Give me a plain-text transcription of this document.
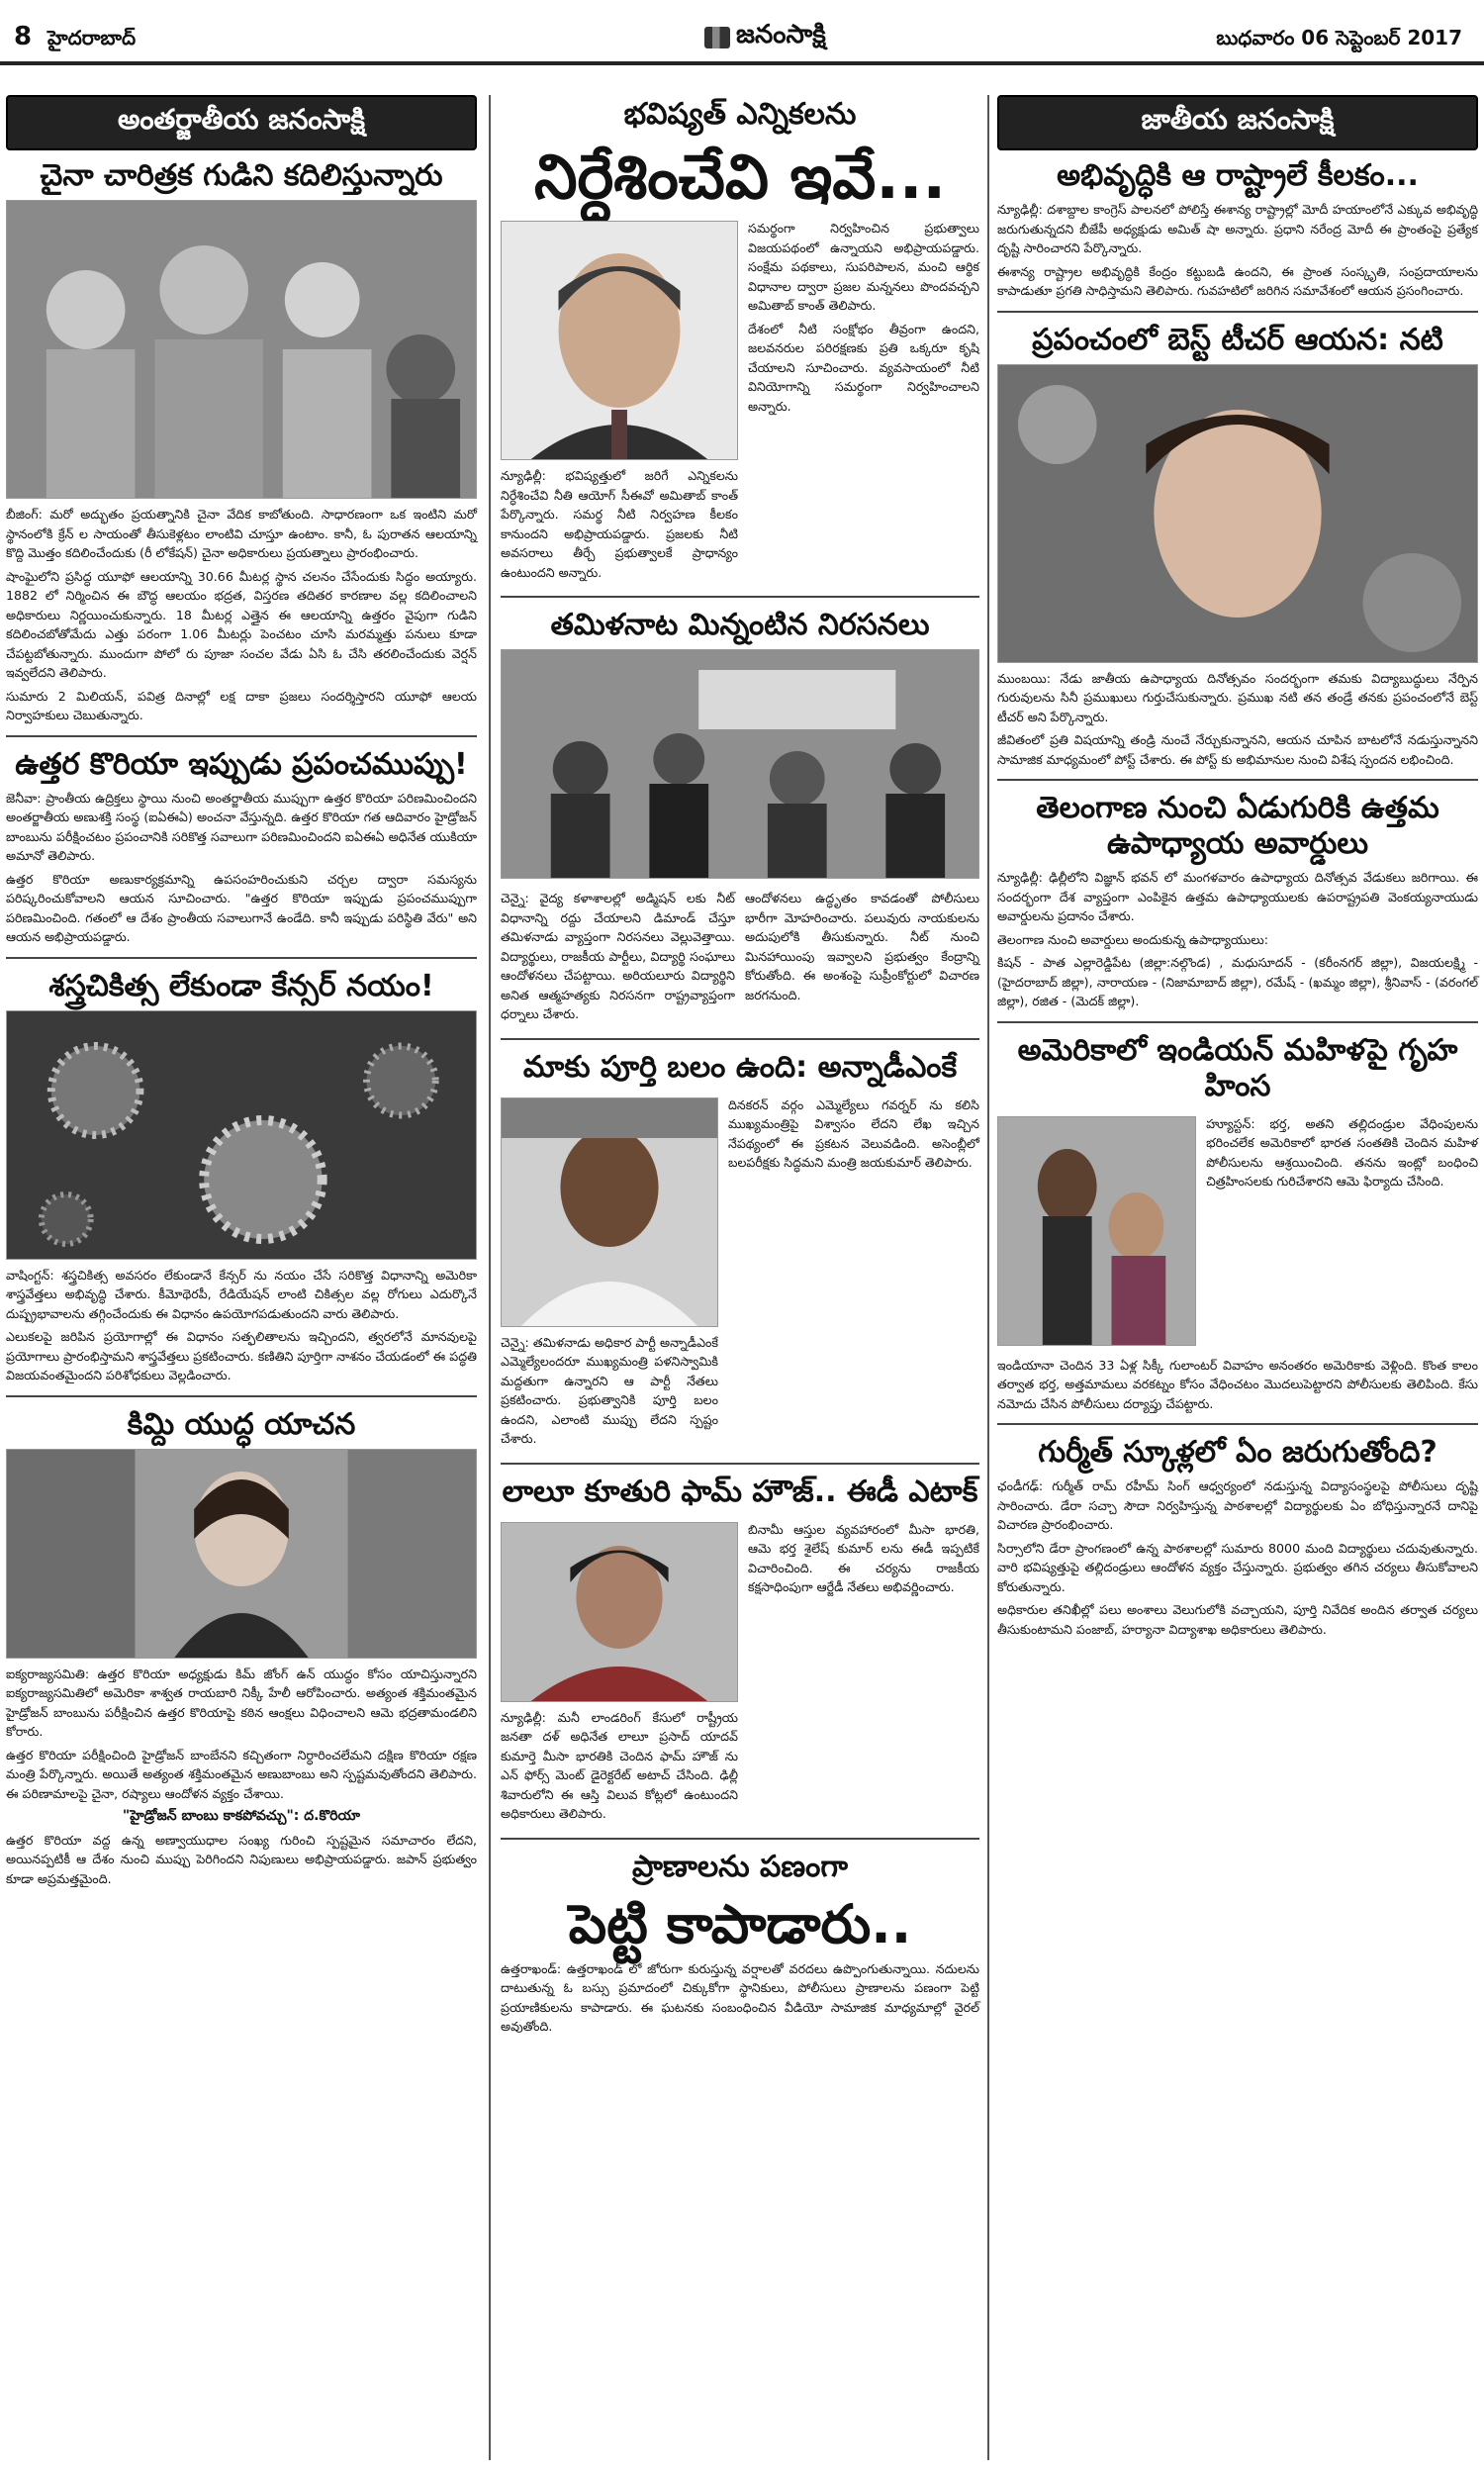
8 హైదరాబాద్	జనంసాక్షి	బుధవారం 06 సెప్టెంబర్ 2017
అంతర్జాతీయ జనంసాక్షి
చైనా చారిత్రక గుడిని కదిలిస్తున్నారు

బీజింగ్: మరో అద్భుతం ప్రయత్నానికి చైనా వేదిక కాబోతుంది. సాధారణంగా ఒక ఇంటిని మరో స్థానంలోకి క్రేన్ ల సాయంతో తీసుకెళ్లటం లాంటివి చూస్తూ ఉంటాం. కానీ, ఓ పురాతన ఆలయాన్ని కొద్ది మొత్తం కదిలించేందుకు (రీ లోకేషన్) చైనా అధికారులు ప్రయత్నాలు ప్రారంభించారు.

షాంఘైలోని ప్రసిద్ధ యూఫో ఆలయాన్ని 30.66 మీటర్ల స్థాన చలనం చేసేందుకు సిద్ధం అయ్యారు. 1882 లో నిర్మించిన ఈ బౌద్ధ ఆలయం భద్రత, విస్తరణ తదితర కారణాల వల్ల కదిలించాలని అధికారులు నిర్ణయించుకున్నారు. 18 మీటర్ల ఎత్తైన ఈ ఆలయాన్ని ఉత్తరం వైపుగా గుడిని కదిలించబోతోమేదు ఎత్తు పరంగా 1.06 మీటర్లు పెంచటం చూసి మరమ్మత్తు పనులు కూడా చేపట్టబోతున్నారు. ముందుగా పోలో రు పూజా సంచల వేడు ఏసి ఓ చేసి తరలించేందుకు వెర్షన్ ఇవ్వలేదని తెలిపారు.

సుమారు 2 మిలియన్, పవిత్ర దినాల్లో లక్ష దాకా ప్రజలు సందర్శిస్తారని యూఫో ఆలయ నిర్వాహకులు చెబుతున్నారు.

ఉత్తర కొరియా ఇప్పుడు ప్రపంచముప్పు!

జెనీవా: ప్రాంతీయ ఉద్రిక్తలు స్థాయి నుంచి అంతర్జాతీయ ముప్పుగా ఉత్తర కొరియా పరిణమించిందని అంతర్జాతీయ అణుశక్తి సంస్థ (ఐఏఈఏ) అంచనా వేస్తున్నది. ఉత్తర కొరియా గత ఆదివారం హైడ్రోజన్ బాంబును పరీక్షించటం ప్రపంచానికి సరికొత్త సవాలుగా పరిణమించిందని ఐఏఈఏ అధినేత యుకియా అమానో తెలిపారు.

ఉత్తర కొరియా అణుకార్యక్రమాన్ని ఉపసంహరించుకుని చర్చల ద్వారా సమస్యను పరిష్కరించుకోవాలని ఆయన సూచించారు. "ఉత్తర కొరియా ఇప్పుడు ప్రపంచముప్పుగా పరిణమించింది. గతంలో ఆ దేశం ప్రాంతీయ సవాలుగానే ఉండేది. కానీ ఇప్పుడు పరిస్థితి వేరు" అని ఆయన అభిప్రాయపడ్డారు.

శస్త్రచికిత్స లేకుండా కేన్సర్ నయం!

వాషింగ్టన్: శస్త్రచికిత్స అవసరం లేకుండానే కేన్సర్ ను నయం చేసే సరికొత్త విధానాన్ని అమెరికా శాస్త్రవేత్తలు అభివృద్ధి చేశారు. కీమోథెరపీ, రేడియేషన్ లాంటి చికిత్సల వల్ల రోగులు ఎదుర్కొనే దుష్ప్రభావాలను తగ్గించేందుకు ఈ విధానం ఉపయోగపడుతుందని వారు తెలిపారు.

ఎలుకలపై జరిపిన ప్రయోగాల్లో ఈ విధానం సత్ఫలితాలను ఇచ్చిందని, త్వరలోనే మానవులపై ప్రయోగాలు ప్రారంభిస్తామని శాస్త్రవేత్తలు ప్రకటించారు. కణితిని పూర్తిగా నాశనం చేయడంలో ఈ పద్ధతి విజయవంతమైందని పరిశోధకులు వెల్లడించారు.

కిమ్ది యుద్ధ యాచన

ఐక్యరాజ్యసమితి: ఉత్తర కొరియా అధ్యక్షుడు కిమ్ జోంగ్ ఉన్ యుద్ధం కోసం యాచిస్తున్నారని ఐక్యరాజ్యసమితిలో అమెరికా శాశ్వత రాయబారి నిక్కీ హేలీ ఆరోపించారు. అత్యంత శక్తిమంతమైన హైడ్రోజన్ బాంబును పరీక్షించిన ఉత్తర కొరియాపై కఠిన ఆంక్షలు విధించాలని ఆమె భద్రతామండలిని కోరారు.

ఉత్తర కొరియా పరీక్షించింది హైడ్రోజన్ బాంబేనని కచ్చితంగా నిర్ధారించలేమని దక్షిణ కొరియా రక్షణ మంత్రి పేర్కొన్నారు. అయితే అత్యంత శక్తిమంతమైన అణుబాంబు అని స్పష్టమవుతోందని తెలిపారు. ఈ పరిణామాలపై చైనా, రష్యాలు ఆందోళన వ్యక్తం చేశాయి.

"హైడ్రోజన్ బాంబు కాకపోవచ్చు": ద.కొరియా

ఉత్తర కొరియా వద్ద ఉన్న అణ్వాయుధాల సంఖ్య గురించి స్పష్టమైన సమాచారం లేదని, అయినప్పటికీ ఆ దేశం నుంచి ముప్పు పెరిగిందని నిపుణులు అభిప్రాయపడ్డారు. జపాన్ ప్రభుత్వం కూడా అప్రమత్తమైంది.

భవిష్యత్ ఎన్నికలను
నిర్ధేశించేవి ఇవే...

న్యూఢిల్లీ: భవిష్యత్తులో జరిగే ఎన్నికలను నిర్ధేశించేవి నీతి ఆయోగ్ సీఈవో అమితాబ్ కాంత్ పేర్కొన్నారు. సమర్థ నీటి నిర్వహణ కీలకం కానుందని అభిప్రాయపడ్డారు. ప్రజలకు నీటి అవసరాలు తీర్చే ప్రభుత్వాలకే ప్రాధాన్యం ఉంటుందని అన్నారు.

సమర్థంగా నిర్వహించిన ప్రభుత్వాలు విజయపథంలో ఉన్నాయని అభిప్రాయపడ్డారు. సంక్షేమ పథకాలు, సుపరిపాలన, మంచి ఆర్థిక విధానాల ద్వారా ప్రజల మన్ననలు పొందవచ్చని అమితాబ్ కాంత్ తెలిపారు.

దేశంలో నీటి సంక్షోభం తీవ్రంగా ఉందని, జలవనరుల పరిరక్షణకు ప్రతి ఒక్కరూ కృషి చేయాలని సూచించారు. వ్యవసాయంలో నీటి వినియోగాన్ని సమర్థంగా నిర్వహించాలని అన్నారు.

తమిళనాట మిన్నంటిన నిరసనలు

చెన్నై: వైద్య కళాశాలల్లో అడ్మిషన్ లకు నీట్ విధానాన్ని రద్దు చేయాలని డిమాండ్ చేస్తూ తమిళనాడు వ్యాప్తంగా నిరసనలు వెల్లువెత్తాయి. విద్యార్థులు, రాజకీయ పార్టీలు, విద్యార్థి సంఘాలు ఆందోళనలు చేపట్టాయి. అరియలూరు విద్యార్థిని అనిత ఆత్మహత్యకు నిరసనగా రాష్ట్రవ్యాప్తంగా ధర్నాలు చేశారు.

ఆందోళనలు ఉద్ధృతం కావడంతో పోలీసులు భారీగా మోహరించారు. పలువురు నాయకులను అదుపులోకి తీసుకున్నారు. నీట్ నుంచి మినహాయింపు ఇవ్వాలని ప్రభుత్వం కేంద్రాన్ని కోరుతోంది. ఈ అంశంపై సుప్రీంకోర్టులో విచారణ జరగనుంది.

మాకు పూర్తి బలం ఉంది: అన్నాడీఎంకే

చెన్నై: తమిళనాడు అధికార పార్టీ అన్నాడీఎంకే ఎమ్మెల్యేలందరూ ముఖ్యమంత్రి పళనిస్వామికి మద్దతుగా ఉన్నారని ఆ పార్టీ నేతలు ప్రకటించారు. ప్రభుత్వానికి పూర్తి బలం ఉందని, ఎలాంటి ముప్పు లేదని స్పష్టం చేశారు.

దినకరన్ వర్గం ఎమ్మెల్యేలు గవర్నర్ ను కలిసి ముఖ్యమంత్రిపై విశ్వాసం లేదని లేఖ ఇచ్చిన నేపథ్యంలో ఈ ప్రకటన వెలువడింది. అసెంబ్లీలో బలపరీక్షకు సిద్ధమని మంత్రి జయకుమార్ తెలిపారు.

లాలూ కూతురి ఫామ్ హౌజ్.. ఈడీ ఎటాక్

న్యూఢిల్లీ: మనీ లాండరింగ్ కేసులో రాష్ట్రీయ జనతా దళ్ అధినేత లాలూ ప్రసాద్ యాదవ్ కుమార్తె మీసా భారతికి చెందిన ఫామ్ హౌజ్ ను ఎన్ ఫోర్స్ మెంట్ డైరెక్టరేట్ అటాచ్ చేసింది. ఢిల్లీ శివారులోని ఈ ఆస్తి విలువ కోట్లలో ఉంటుందని అధికారులు తెలిపారు.

బినామీ ఆస్తుల వ్యవహారంలో మీసా భారతి, ఆమె భర్త శైలేష్ కుమార్ లను ఈడీ ఇప్పటికే విచారించింది. ఈ చర్యను రాజకీయ కక్షసాధింపుగా ఆర్జేడీ నేతలు అభివర్ణించారు.

ప్రాణాలను పణంగా
పెట్టి కాపాడారు..

ఉత్తరాఖండ్: ఉత్తరాఖండ్ లో జోరుగా కురుస్తున్న వర్షాలతో వరదలు ఉప్పొంగుతున్నాయి. నదులను దాటుతున్న ఓ బస్సు ప్రమాదంలో చిక్కుకోగా స్థానికులు, పోలీసులు ప్రాణాలను పణంగా పెట్టి ప్రయాణికులను కాపాడారు. ఈ ఘటనకు సంబంధించిన వీడియో సామాజిక మాధ్యమాల్లో వైరల్ అవుతోంది.

జాతీయ జనంసాక్షి
అభివృద్ధికి ఆ రాష్ట్రాలే కీలకం...

న్యూఢిల్లీ: దశాబ్దాల కాంగ్రెస్ పాలనలో పోలిస్తే ఈశాన్య రాష్ట్రాల్లో మోదీ హయాంలోనే ఎక్కువ అభివృద్ధి జరుగుతున్నదని బీజేపీ అధ్యక్షుడు అమిత్ షా అన్నారు. ప్రధాని నరేంద్ర మోదీ ఈ ప్రాంతంపై ప్రత్యేక దృష్టి సారించారని పేర్కొన్నారు.

ఈశాన్య రాష్ట్రాల అభివృద్ధికి కేంద్రం కట్టుబడి ఉందని, ఈ ప్రాంత సంస్కృతి, సంప్రదాయాలను కాపాడుతూ ప్రగతి సాధిస్తామని తెలిపారు. గువహటిలో జరిగిన సమావేశంలో ఆయన ప్రసంగించారు.

ప్రపంచంలో బెస్ట్ టీచర్ ఆయన: నటి

ముంబయి: నేడు జాతీయ ఉపాధ్యాయ దినోత్సవం సందర్భంగా తమకు విద్యాబుద్ధులు నేర్పిన గురువులను సినీ ప్రముఖులు గుర్తుచేసుకున్నారు. ప్రముఖ నటి తన తండ్రే తనకు ప్రపంచంలోనే బెస్ట్ టీచర్ అని పేర్కొన్నారు.

జీవితంలో ప్రతి విషయాన్ని తండ్రి నుంచే నేర్చుకున్నానని, ఆయన చూపిన బాటలోనే నడుస్తున్నానని సామాజిక మాధ్యమంలో పోస్ట్ చేశారు. ఈ పోస్ట్ కు అభిమానుల నుంచి విశేష స్పందన లభించింది.

తెలంగాణ నుంచి ఏడుగురికి ఉత్తమ ఉపాధ్యాయ అవార్డులు

న్యూఢిల్లీ: ఢిల్లీలోని విజ్ఞాన్ భవన్ లో మంగళవారం ఉపాధ్యాయ దినోత్సవ వేడుకలు జరిగాయి. ఈ సందర్భంగా దేశ వ్యాప్తంగా ఎంపికైన ఉత్తమ ఉపాధ్యాయులకు ఉపరాష్ట్రపతి వెంకయ్యనాయుడు అవార్డులను ప్రదానం చేశారు.

తెలంగాణ నుంచి అవార్డులు అందుకున్న ఉపాధ్యాయులు:

కిషన్ - పాత ఎల్లారెడ్డిపేట (జిల్లా:నల్గొండ) , మధుసూదన్ - (కరీంనగర్ జిల్లా), విజయలక్ష్మి - (హైదరాబాద్ జిల్లా), నారాయణ - (నిజామాబాద్ జిల్లా), రమేష్ - (ఖమ్మం జిల్లా), శ్రీనివాస్ - (వరంగల్ జిల్లా), రజిత - (మెదక్ జిల్లా).

అమెరికాలో ఇండియన్ మహిళపై గృహ హింస

హ్యూస్టన్: భర్త, అతని తల్లిదండ్రుల వేధింపులను భరించలేక అమెరికాలో భారత సంతతికి చెందిన మహిళ పోలీసులను ఆశ్రయించింది. తనను ఇంట్లో బంధించి చిత్రహింసలకు గురిచేశారని ఆమె ఫిర్యాదు చేసింది.

ఇండియానా చెందిన 33 ఏళ్ల సిక్కీ గులాంటర్ వివాహం అనంతరం అమెరికాకు వెళ్లింది. కొంత కాలం తర్వాత భర్త, అత్తమామలు వరకట్నం కోసం వేధించటం మొదలుపెట్టారని పోలీసులకు తెలిపింది. కేసు నమోదు చేసిన పోలీసులు దర్యాప్తు చేపట్టారు.

గుర్మీత్ స్కూళ్లలో ఏం జరుగుతోంది?

ఛండీగఢ్: గుర్మీత్ రామ్ రహీమ్ సింగ్ ఆధ్వర్యంలో నడుస్తున్న విద్యాసంస్థలపై పోలీసులు దృష్టి సారించారు. డేరా సచ్చా సౌదా నిర్వహిస్తున్న పాఠశాలల్లో విద్యార్థులకు ఏం బోధిస్తున్నారనే దానిపై విచారణ ప్రారంభించారు.

సిర్సాలోని డేరా ప్రాంగణంలో ఉన్న పాఠశాలల్లో సుమారు 8000 మంది విద్యార్థులు చదువుతున్నారు. వారి భవిష్యత్తుపై తల్లిదండ్రులు ఆందోళన వ్యక్తం చేస్తున్నారు. ప్రభుత్వం తగిన చర్యలు తీసుకోవాలని కోరుతున్నారు.

అధికారుల తనిఖీల్లో పలు అంశాలు వెలుగులోకి వచ్చాయని, పూర్తి నివేదిక అందిన తర్వాత చర్యలు తీసుకుంటామని పంజాబ్, హర్యానా విద్యాశాఖ అధికారులు తెలిపారు.
